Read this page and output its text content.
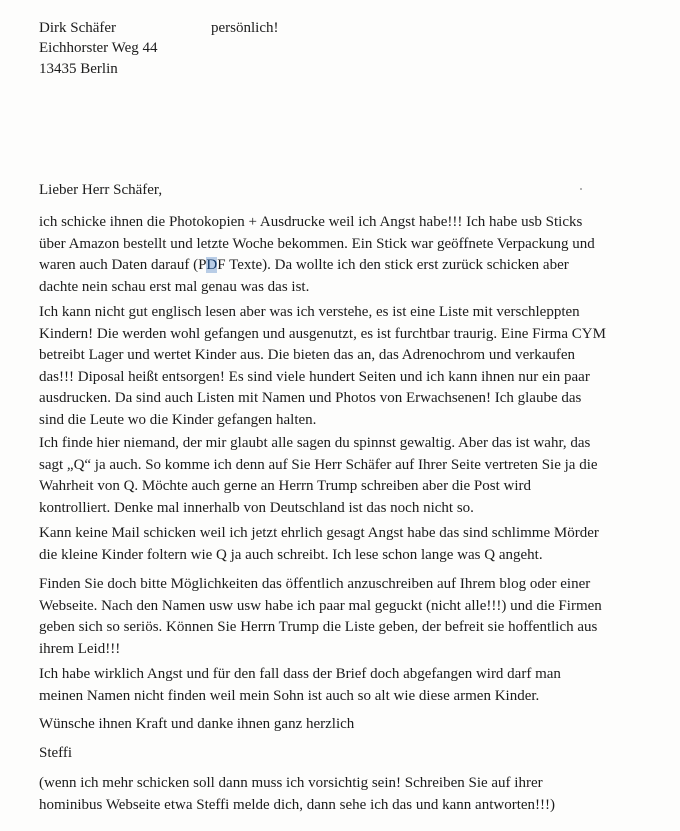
Dirk Schäfer	persönlich!
Eichhorster Weg 44
13435 Berlin
Lieber Herr Schäfer,
ich schicke ihnen die Photokopien + Ausdrucke weil ich Angst habe!!! Ich habe usb Sticks
über Amazon bestellt und letzte Woche bekommen. Ein Stick war geöffnete Verpackung und
waren auch Daten darauf (PDF Texte). Da wollte ich den stick erst zurück schicken aber
dachte nein schau erst mal genau was das ist.
Ich kann nicht gut englisch lesen aber was ich verstehe, es ist eine Liste mit verschleppten
Kindern! Die werden wohl gefangen und ausgenutzt, es ist furchtbar traurig. Eine Firma CYM
betreibt Lager und wertet Kinder aus. Die bieten das an, das Adrenochrom und verkaufen
das!!! Diposal heißt entsorgen! Es sind viele hundert Seiten und ich kann ihnen nur ein paar
ausdrucken. Da sind auch Listen mit Namen und Photos von Erwachsenen! Ich glaube das
sind die Leute wo die Kinder gefangen halten.
Ich finde hier niemand, der mir glaubt alle sagen du spinnst gewaltig. Aber das ist wahr, das
sagt „Q“ ja auch. So komme ich denn auf Sie Herr Schäfer auf Ihrer Seite vertreten Sie ja die
Wahrheit von Q. Möchte auch gerne an Herrn Trump schreiben aber die Post wird
kontrolliert. Denke mal innerhalb von Deutschland ist das noch nicht so.
Kann keine Mail schicken weil ich jetzt ehrlich gesagt Angst habe das sind schlimme Mörder
die kleine Kinder foltern wie Q ja auch schreibt. Ich lese schon lange was Q angeht.
Finden Sie doch bitte Möglichkeiten das öffentlich anzuschreiben auf Ihrem blog oder einer
Webseite. Nach den Namen usw usw habe ich paar mal geguckt (nicht alle!!!) und die Firmen
geben sich so seriös. Können Sie Herrn Trump die Liste geben, der befreit sie hoffentlich aus
ihrem Leid!!!
Ich habe wirklich Angst und für den fall dass der Brief doch abgefangen wird darf man
meinen Namen nicht finden weil mein Sohn ist auch so alt wie diese armen Kinder.
Wünsche ihnen Kraft und danke ihnen ganz herzlich
Steffi
(wenn ich mehr schicken soll dann muss ich vorsichtig sein! Schreiben Sie auf ihrer
hominibus Webseite etwa Steffi melde dich, dann sehe ich das und kann antworten!!!)
